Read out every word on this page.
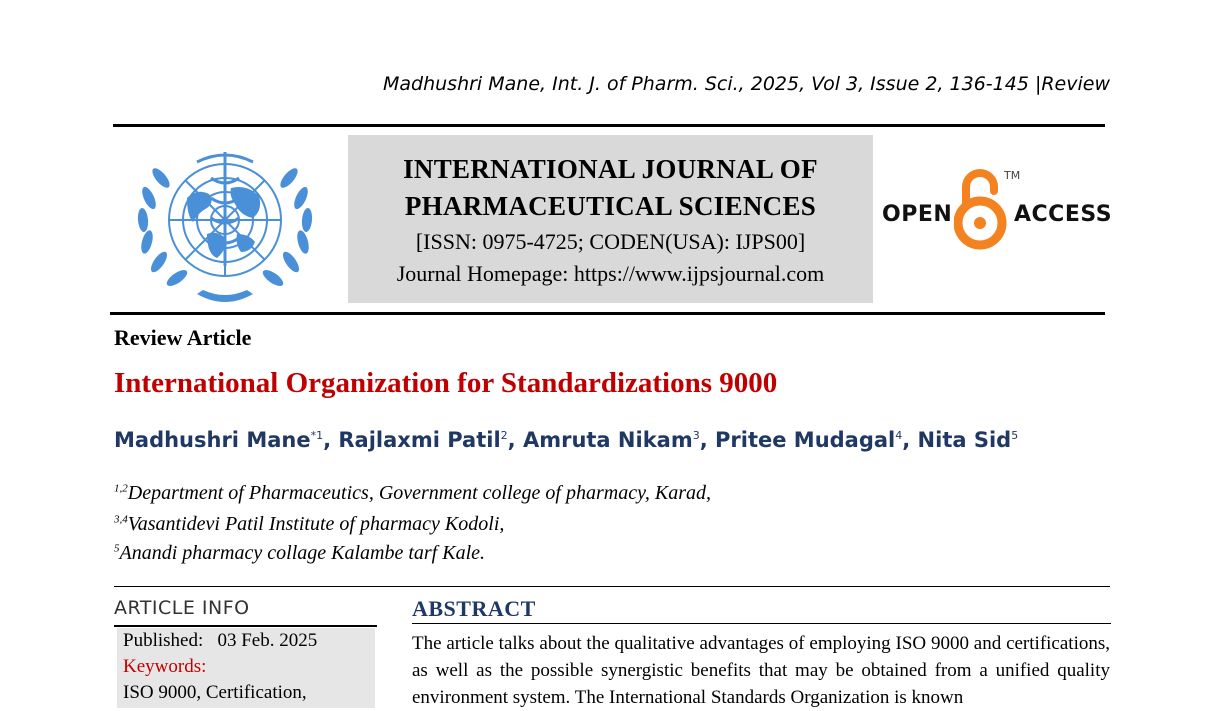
Madhushri Mane, Int. J. of Pharm. Sci., 2025, Vol 3, Issue 2, 136-145 |Review
INTERNATIONAL JOURNAL OF
PHARMACEUTICAL SCIENCES
[ISSN: 0975-4725; CODEN(USA): IJPS00]
Journal Homepage: https://www.ijpsjournal.com
OPEN
TM
ACCESS
Review Article
International Organization for Standardizations 9000
Madhushri Mane$^{*1}$, Rajlaxmi Patil$^2$, Amruta Nikam$^3$, Pritee Mudagal$^4$, Nita Sid$^5$
$^{1,2}$Department of Pharmaceutics, Government college of pharmacy, Karad,
$^{3,4}$Vasantidevi Patil Institute of pharmacy Kodoli,
$^5$Anandi pharmacy collage Kalambe tarf Kale.
ARTICLE INFO
Published: 03 Feb. 2025
Keywords:
ISO 9000, Certification,
ABSTRACT
The article talks about the qualitative advantages of employing ISO 9000 and certifications, as well as the possible synergistic benefits that may be obtained from a unified quality environment system. The International Standards Organization is known
